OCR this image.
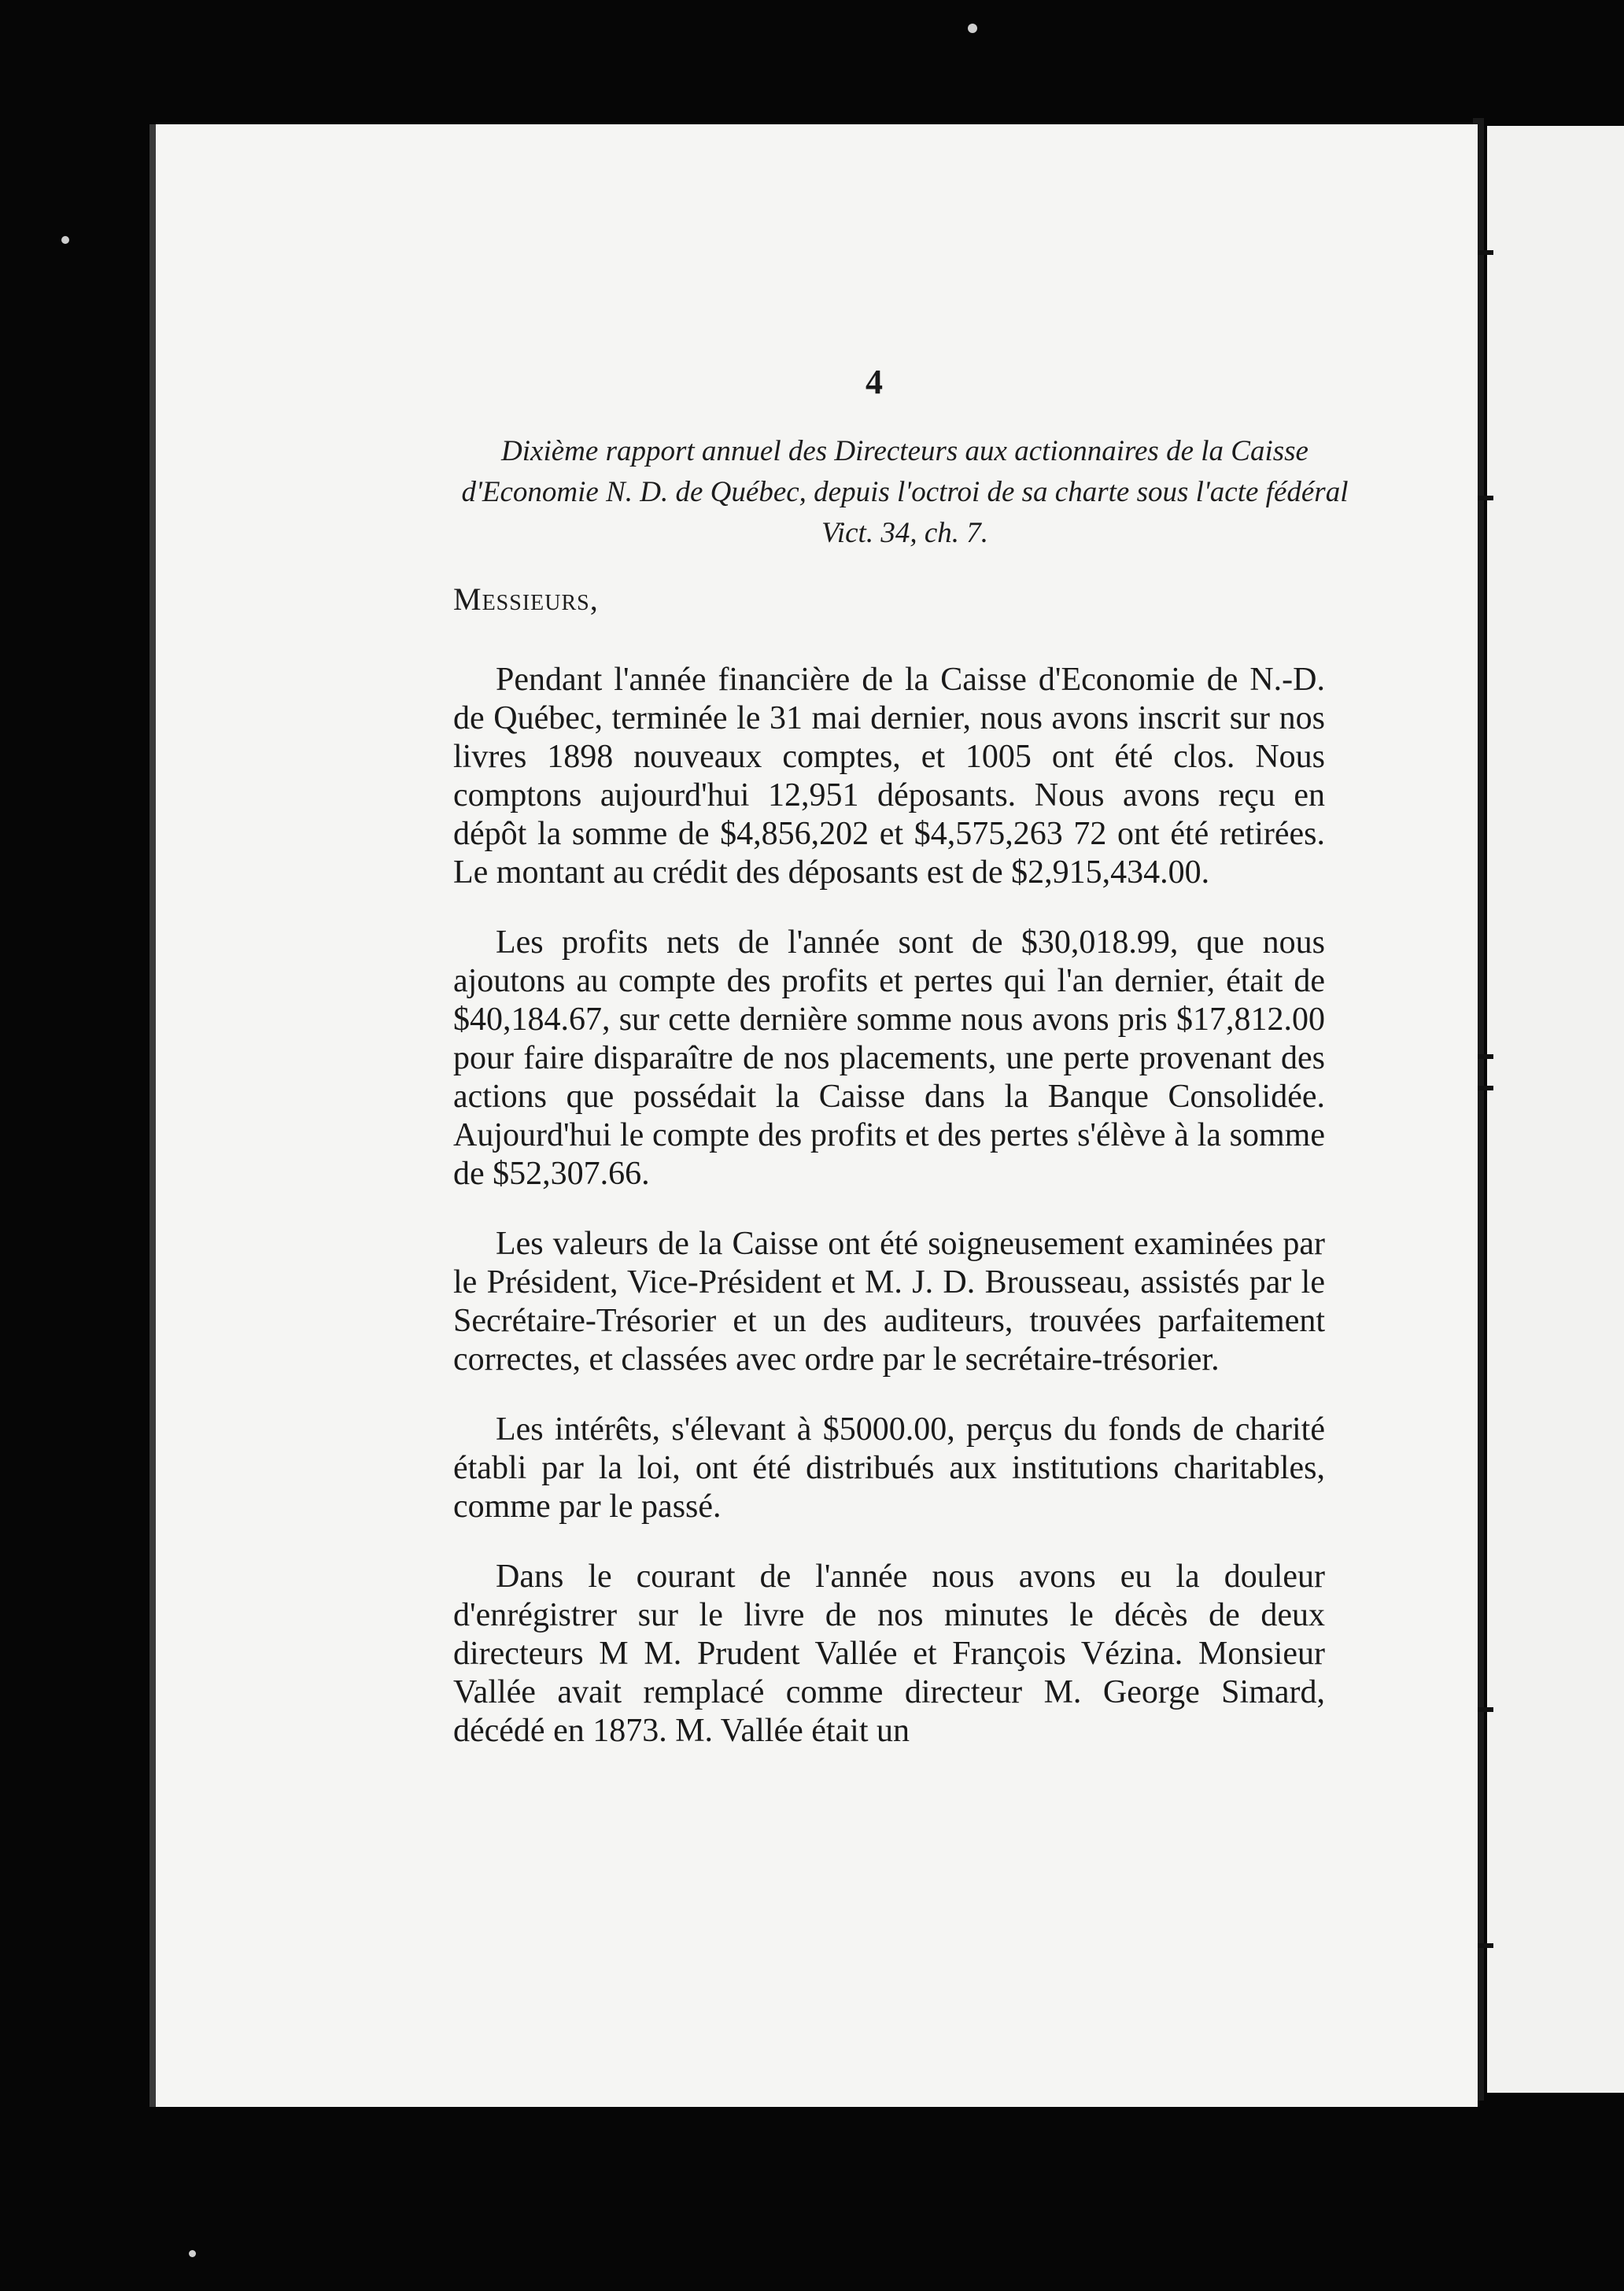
4
Dixième rapport annuel des Directeurs aux actionnaires de la Caisse d'Economie N. D. de Québec, depuis l'octroi de sa charte sous l'acte fédéral Vict. 34, ch. 7.
Messieurs,

Pendant l'année financière de la Caisse d'Economie de N.-D. de Québec, terminée le 31 mai dernier, nous avons inscrit sur nos livres 1898 nouveaux comptes, et 1005 ont été clos. Nous comptons aujourd'hui 12,951 déposants. Nous avons reçu en dépôt la somme de $4,856,202 et $4,575,263 72 ont été retirées. Le montant au crédit des déposants est de $2,915,434.00.

Les profits nets de l'année sont de $30,018.99, que nous ajoutons au compte des profits et pertes qui l'an dernier, était de $40,184.67, sur cette dernière somme nous avons pris $17,812.00 pour faire disparaître de nos placements, une perte provenant des actions que possédait la Caisse dans la Banque Consolidée. Aujourd'hui le compte des profits et des pertes s'élève à la somme de $52,307.66.

Les valeurs de la Caisse ont été soigneusement examinées par le Président, Vice-Président et M. J. D. Brousseau, assistés par le Secrétaire-Trésorier et un des auditeurs, trouvées parfaitement correctes, et classées avec ordre par le secrétaire-trésorier.

Les intérêts, s'élevant à $5000.00, perçus du fonds de charité établi par la loi, ont été distribués aux institutions charitables, comme par le passé.

Dans le courant de l'année nous avons eu la douleur d'enrégistrer sur le livre de nos minutes le décès de deux directeurs M M. Prudent Vallée et François Vézina. Monsieur Vallée avait remplacé comme directeur M. George Simard, décédé en 1873. M. Vallée était un
